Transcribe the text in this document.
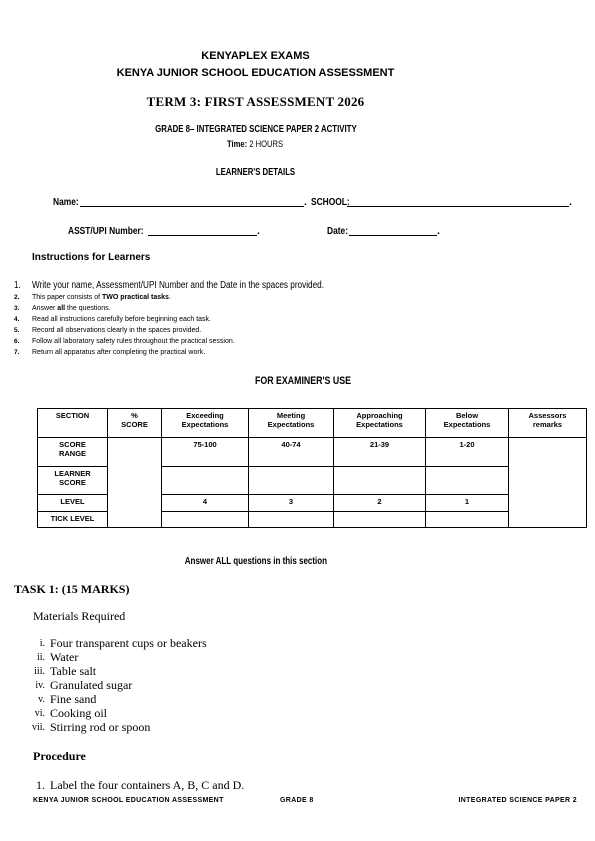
KENYAPLEX EXAMS
KENYA JUNIOR SCHOOL EDUCATION ASSESSMENT
TERM 3: FIRST ASSESSMENT 2026
GRADE 8– INTEGRATED SCIENCE PAPER 2 ACTIVITY
Time: 2 HOURS
LEARNER'S DETAILS
Name:	. SCHOOL:	.
ASST/UPI Number:	.	Date:	.
Instructions for Learners
1.	Write your name, Assessment/UPI Number and the Date in the spaces provided.
2.	This paper consists of TWO practical tasks.
3.	Answer all the questions.
4.	Read all instructions carefully before beginning each task.
5.	Record all observations clearly in the spaces provided.
6.	Follow all laboratory safety rules throughout the practical session.
7.	Return all apparatus after completing the practical work.
FOR EXAMINER'S USE
SECTION	% SCORE	Exceeding Expectations	Meeting Expectations	Approaching Expectations	Below Expectations	Assessors remarks
SCORE RANGE		75-100	40-74	21-39	1-20	
LEARNER SCORE						
LEVEL		4	3	2	1	
TICK LEVEL						
Answer ALL questions in this section
TASK 1: (15 MARKS)
Materials Required
i. Four transparent cups or beakers
ii. Water
iii. Table salt
iv. Granulated sugar
v. Fine sand
vi. Cooking oil
vii. Stirring rod or spoon
Procedure
1. Label the four containers A, B, C and D.
KENYA JUNIOR SCHOOL EDUCATION ASSESSMENT	GRADE 8	INTEGRATED SCIENCE PAPER 2
